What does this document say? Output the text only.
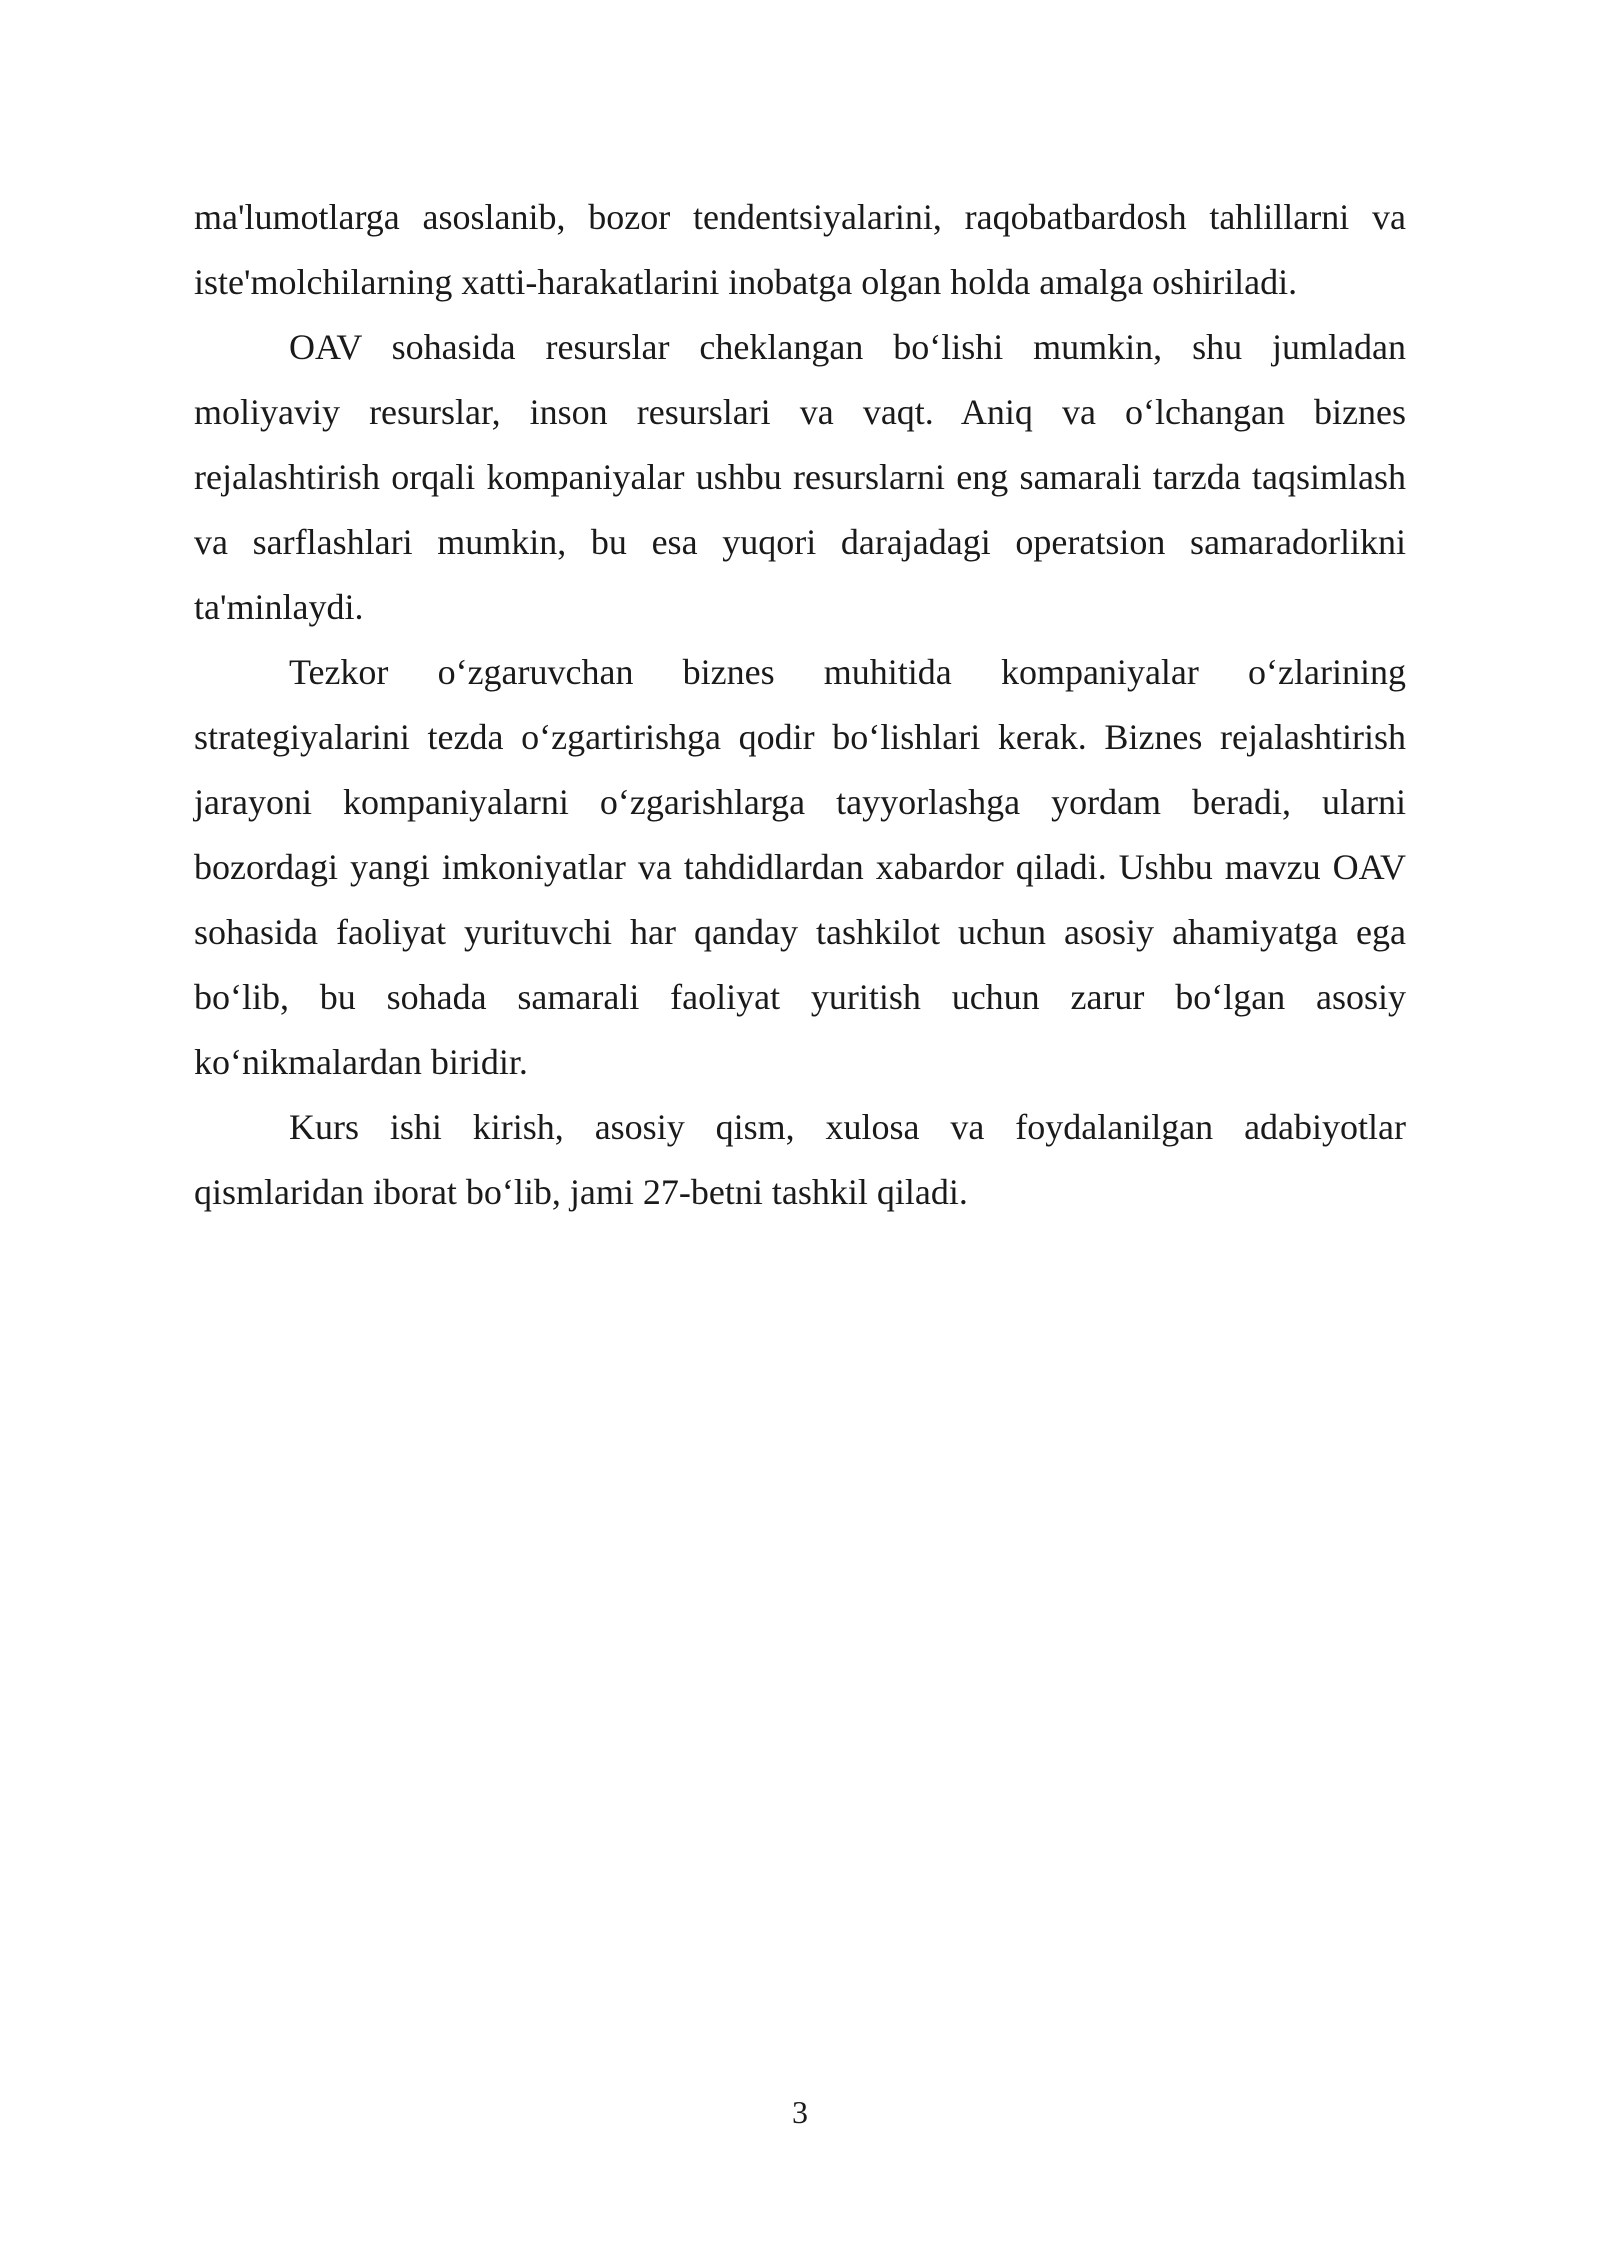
ma'lumotlarga asoslanib, bozor tendentsiyalarini, raqobatbardosh tahlillarni va iste'molchilarning xatti-harakatlarini inobatga olgan holda amalga oshiriladi.

OAV sohasida resurslar cheklangan bo‘lishi mumkin, shu jumladan moliyaviy resurslar, inson resurslari va vaqt. Aniq va o‘lchangan biznes rejalashtirish orqali kompaniyalar ushbu resurslarni eng samarali tarzda taqsimlash va sarflashlari mumkin, bu esa yuqori darajadagi operatsion samaradorlikni ta'minlaydi.

Tezkor o‘zgaruvchan biznes muhitida kompaniyalar o‘zlarining strategiyalarini tezda o‘zgartirishga qodir bo‘lishlari kerak. Biznes rejalashtirish jarayoni kompaniyalarni o‘zgarishlarga tayyorlashga yordam beradi, ularni bozordagi yangi imkoniyatlar va tahdidlardan xabardor qiladi. Ushbu mavzu OAV sohasida faoliyat yurituvchi har qanday tashkilot uchun asosiy ahamiyatga ega bo‘lib, bu sohada samarali faoliyat yuritish uchun zarur bo‘lgan asosiy ko‘nikmalardan biridir.

Kurs ishi kirish, asosiy qism, xulosa va foydalanilgan adabiyotlar qismlaridan iborat bo‘lib, jami 27-betni tashkil qiladi.

3
